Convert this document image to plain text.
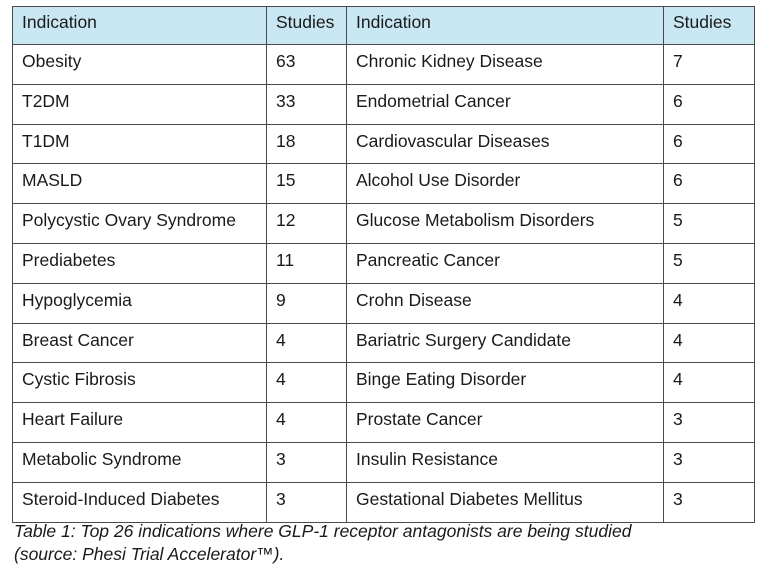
Indication	Studies	Indication	Studies
Obesity	63	Chronic Kidney Disease	7
T2DM	33	Endometrial Cancer	6
T1DM	18	Cardiovascular Diseases	6
MASLD	15	Alcohol Use Disorder	6
Polycystic Ovary Syndrome	12	Glucose Metabolism Disorders	5
Prediabetes	11	Pancreatic Cancer	5
Hypoglycemia	9	Crohn Disease	4
Breast Cancer	4	Bariatric Surgery Candidate	4
Cystic Fibrosis	4	Binge Eating Disorder	4
Heart Failure	4	Prostate Cancer	3
Metabolic Syndrome	3	Insulin Resistance	3
Steroid-Induced Diabetes	3	Gestational Diabetes Mellitus	3
Table 1: Top 26 indications where GLP-1 receptor antagonists are being studied
(source: Phesi Trial Accelerator™).
